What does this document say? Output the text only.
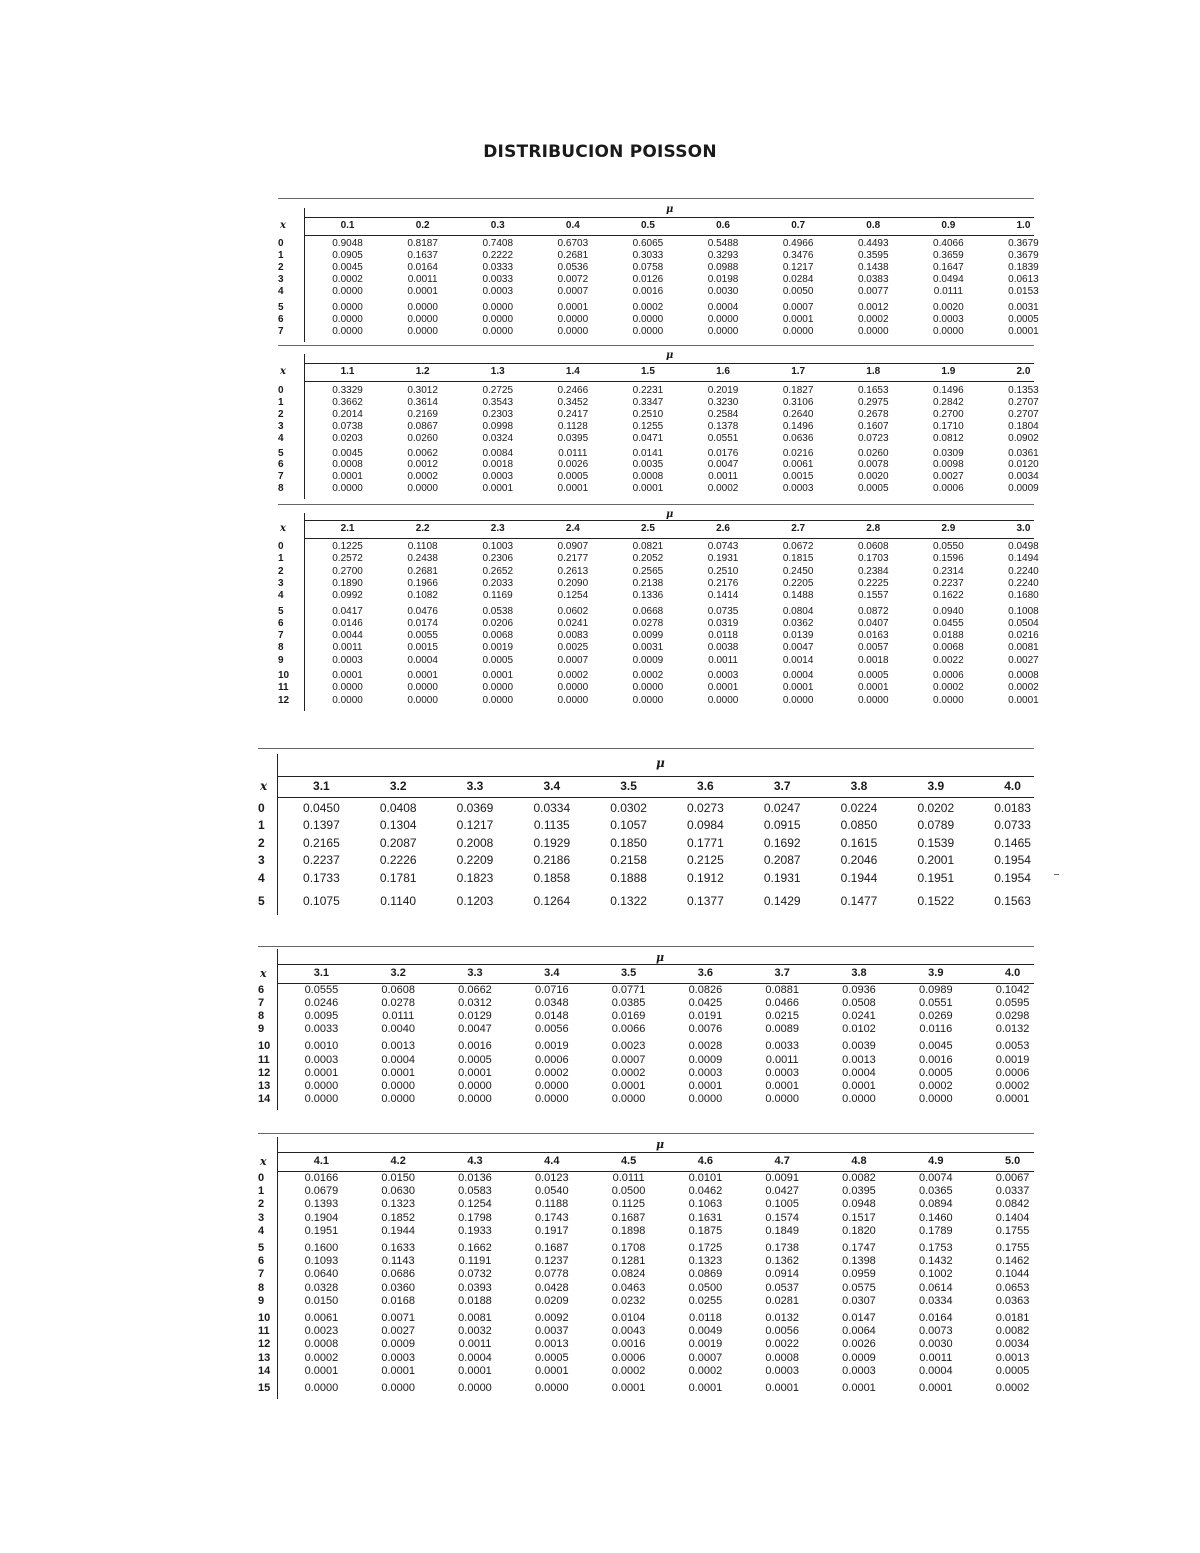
DISTRIBUCION POISSON
μ
x	0.1	0.2	0.3	0.4	0.5	0.6	0.7	0.8	0.9	1.0
0	0.9048	0.8187	0.7408	0.6703	0.6065	0.5488	0.4966	0.4493	0.4066	0.3679
1	0.0905	0.1637	0.2222	0.2681	0.3033	0.3293	0.3476	0.3595	0.3659	0.3679
2	0.0045	0.0164	0.0333	0.0536	0.0758	0.0988	0.1217	0.1438	0.1647	0.1839
3	0.0002	0.0011	0.0033	0.0072	0.0126	0.0198	0.0284	0.0383	0.0494	0.0613
4	0.0000	0.0001	0.0003	0.0007	0.0016	0.0030	0.0050	0.0077	0.0111	0.0153
5	0.0000	0.0000	0.0000	0.0001	0.0002	0.0004	0.0007	0.0012	0.0020	0.0031
6	0.0000	0.0000	0.0000	0.0000	0.0000	0.0000	0.0001	0.0002	0.0003	0.0005
7	0.0000	0.0000	0.0000	0.0000	0.0000	0.0000	0.0000	0.0000	0.0000	0.0001
μ
x	1.1	1.2	1.3	1.4	1.5	1.6	1.7	1.8	1.9	2.0
0	0.3329	0.3012	0.2725	0.2466	0.2231	0.2019	0.1827	0.1653	0.1496	0.1353
1	0.3662	0.3614	0.3543	0.3452	0.3347	0.3230	0.3106	0.2975	0.2842	0.2707
2	0.2014	0.2169	0.2303	0.2417	0.2510	0.2584	0.2640	0.2678	0.2700	0.2707
3	0.0738	0.0867	0.0998	0.1128	0.1255	0.1378	0.1496	0.1607	0.1710	0.1804
4	0.0203	0.0260	0.0324	0.0395	0.0471	0.0551	0.0636	0.0723	0.0812	0.0902
5	0.0045	0.0062	0.0084	0.0111	0.0141	0.0176	0.0216	0.0260	0.0309	0.0361
6	0.0008	0.0012	0.0018	0.0026	0.0035	0.0047	0.0061	0.0078	0.0098	0.0120
7	0.0001	0.0002	0.0003	0.0005	0.0008	0.0011	0.0015	0.0020	0.0027	0.0034
8	0.0000	0.0000	0.0001	0.0001	0.0001	0.0002	0.0003	0.0005	0.0006	0.0009
μ
x	2.1	2.2	2.3	2.4	2.5	2.6	2.7	2.8	2.9	3.0
0	0.1225	0.1108	0.1003	0.0907	0.0821	0.0743	0.0672	0.0608	0.0550	0.0498
1	0.2572	0.2438	0.2306	0.2177	0.2052	0.1931	0.1815	0.1703	0.1596	0.1494
2	0.2700	0.2681	0.2652	0.2613	0.2565	0.2510	0.2450	0.2384	0.2314	0.2240
3	0.1890	0.1966	0.2033	0.2090	0.2138	0.2176	0.2205	0.2225	0.2237	0.2240
4	0.0992	0.1082	0.1169	0.1254	0.1336	0.1414	0.1488	0.1557	0.1622	0.1680
5	0.0417	0.0476	0.0538	0.0602	0.0668	0.0735	0.0804	0.0872	0.0940	0.1008
6	0.0146	0.0174	0.0206	0.0241	0.0278	0.0319	0.0362	0.0407	0.0455	0.0504
7	0.0044	0.0055	0.0068	0.0083	0.0099	0.0118	0.0139	0.0163	0.0188	0.0216
8	0.0011	0.0015	0.0019	0.0025	0.0031	0.0038	0.0047	0.0057	0.0068	0.0081
9	0.0003	0.0004	0.0005	0.0007	0.0009	0.0011	0.0014	0.0018	0.0022	0.0027
10	0.0001	0.0001	0.0001	0.0002	0.0002	0.0003	0.0004	0.0005	0.0006	0.0008
11	0.0000	0.0000	0.0000	0.0000	0.0000	0.0001	0.0001	0.0001	0.0002	0.0002
12	0.0000	0.0000	0.0000	0.0000	0.0000	0.0000	0.0000	0.0000	0.0000	0.0001
μ
x	3.1	3.2	3.3	3.4	3.5	3.6	3.7	3.8	3.9	4.0
0	0.0450	0.0408	0.0369	0.0334	0.0302	0.0273	0.0247	0.0224	0.0202	0.0183
1	0.1397	0.1304	0.1217	0.1135	0.1057	0.0984	0.0915	0.0850	0.0789	0.0733
2	0.2165	0.2087	0.2008	0.1929	0.1850	0.1771	0.1692	0.1615	0.1539	0.1465
3	0.2237	0.2226	0.2209	0.2186	0.2158	0.2125	0.2087	0.2046	0.2001	0.1954
4	0.1733	0.1781	0.1823	0.1858	0.1888	0.1912	0.1931	0.1944	0.1951	0.1954
5	0.1075	0.1140	0.1203	0.1264	0.1322	0.1377	0.1429	0.1477	0.1522	0.1563
μ
x	3.1	3.2	3.3	3.4	3.5	3.6	3.7	3.8	3.9	4.0
6	0.0555	0.0608	0.0662	0.0716	0.0771	0.0826	0.0881	0.0936	0.0989	0.1042
7	0.0246	0.0278	0.0312	0.0348	0.0385	0.0425	0.0466	0.0508	0.0551	0.0595
8	0.0095	0.0111	0.0129	0.0148	0.0169	0.0191	0.0215	0.0241	0.0269	0.0298
9	0.0033	0.0040	0.0047	0.0056	0.0066	0.0076	0.0089	0.0102	0.0116	0.0132
10	0.0010	0.0013	0.0016	0.0019	0.0023	0.0028	0.0033	0.0039	0.0045	0.0053
11	0.0003	0.0004	0.0005	0.0006	0.0007	0.0009	0.0011	0.0013	0.0016	0.0019
12	0.0001	0.0001	0.0001	0.0002	0.0002	0.0003	0.0003	0.0004	0.0005	0.0006
13	0.0000	0.0000	0.0000	0.0000	0.0001	0.0001	0.0001	0.0001	0.0002	0.0002
14	0.0000	0.0000	0.0000	0.0000	0.0000	0.0000	0.0000	0.0000	0.0000	0.0001
μ
x	4.1	4.2	4.3	4.4	4.5	4.6	4.7	4.8	4.9	5.0
0	0.0166	0.0150	0.0136	0.0123	0.0111	0.0101	0.0091	0.0082	0.0074	0.0067
1	0.0679	0.0630	0.0583	0.0540	0.0500	0.0462	0.0427	0.0395	0.0365	0.0337
2	0.1393	0.1323	0.1254	0.1188	0.1125	0.1063	0.1005	0.0948	0.0894	0.0842
3	0.1904	0.1852	0.1798	0.1743	0.1687	0.1631	0.1574	0.1517	0.1460	0.1404
4	0.1951	0.1944	0.1933	0.1917	0.1898	0.1875	0.1849	0.1820	0.1789	0.1755
5	0.1600	0.1633	0.1662	0.1687	0.1708	0.1725	0.1738	0.1747	0.1753	0.1755
6	0.1093	0.1143	0.1191	0.1237	0.1281	0.1323	0.1362	0.1398	0.1432	0.1462
7	0.0640	0.0686	0.0732	0.0778	0.0824	0.0869	0.0914	0.0959	0.1002	0.1044
8	0.0328	0.0360	0.0393	0.0428	0.0463	0.0500	0.0537	0.0575	0.0614	0.0653
9	0.0150	0.0168	0.0188	0.0209	0.0232	0.0255	0.0281	0.0307	0.0334	0.0363
10	0.0061	0.0071	0.0081	0.0092	0.0104	0.0118	0.0132	0.0147	0.0164	0.0181
11	0.0023	0.0027	0.0032	0.0037	0.0043	0.0049	0.0056	0.0064	0.0073	0.0082
12	0.0008	0.0009	0.0011	0.0013	0.0016	0.0019	0.0022	0.0026	0.0030	0.0034
13	0.0002	0.0003	0.0004	0.0005	0.0006	0.0007	0.0008	0.0009	0.0011	0.0013
14	0.0001	0.0001	0.0001	0.0001	0.0002	0.0002	0.0003	0.0003	0.0004	0.0005
15	0.0000	0.0000	0.0000	0.0000	0.0001	0.0001	0.0001	0.0001	0.0001	0.0002
